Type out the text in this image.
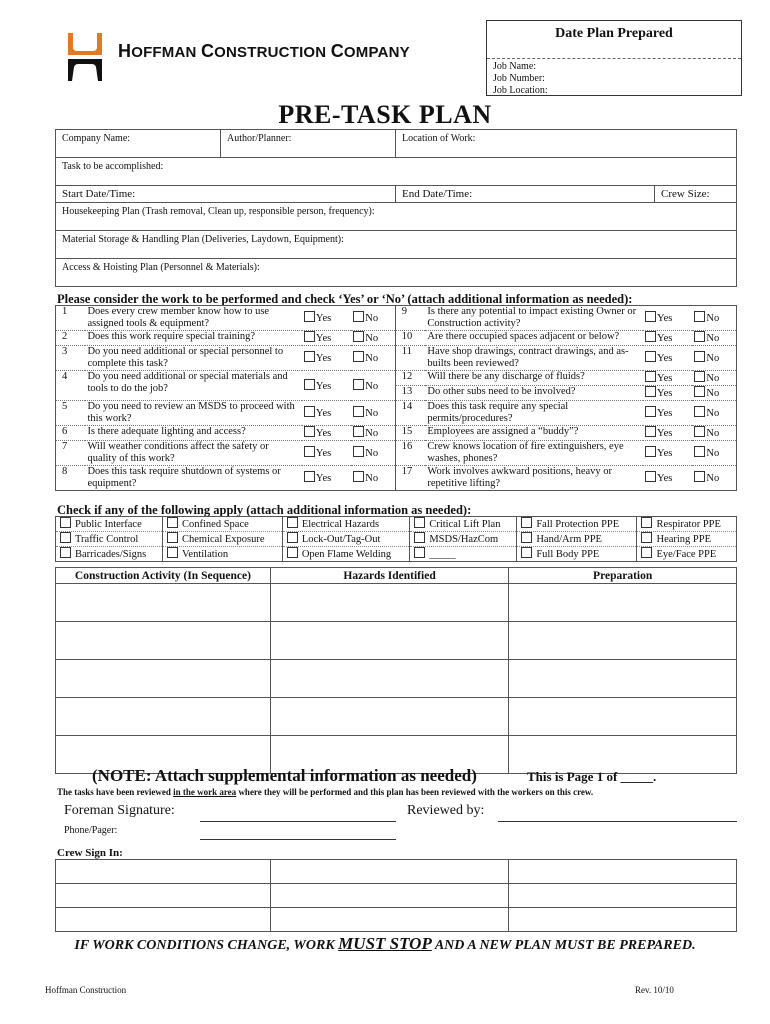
HOFFMAN CONSTRUCTION COMPANY
Date Plan Prepared
Job Name:
Job Number:
Job Location:
PRE-TASK PLAN
Company Name:	Author/Planner:	Location of Work:	
Task to be accomplished:			
Start Date/Time:		End Date/Time:	Crew Size:
Housekeeping Plan (Trash removal, Clean up, responsible person, frequency):			
Material Storage & Handling Plan (Deliveries, Laydown, Equipment):			
Access & Hoisting Plan (Personnel & Materials):			
Please consider the work to be performed and check ‘Yes’ or ‘No’ (attach additional information as needed):
1	Does every crew member know how to use assigned tools & equipment?	Yes	No	9	Is there any potential to impact existing Owner or Construction activity?	Yes	No
2	Does this work require special training?	Yes	No	10	Are there occupied spaces adjacent or below?	Yes	No
3	Do you need additional or special personnel to complete this task?	Yes	No	11	Have shop drawings, contract drawings, and as-builts been reviewed?	Yes	No
4	Do you need additional or special materials and tools to do the job?	Yes	No	12	Will there be any discharge of fluids?	Yes	No
				13	Do other subs need to be involved?	Yes	No
5	Do you need to review an MSDS to proceed with this work?	Yes	No	14	Does this task require any special permits/procedures?	Yes	No
6	Is there adequate lighting and access?	Yes	No	15	Employees are assigned a “buddy”?	Yes	No
7	Will weather conditions affect the safety or quality of this work?	Yes	No	16	Crew knows location of fire extinguishers, eye washes, phones?	Yes	No
8	Does this task require shutdown of systems or equipment?	Yes	No	17	Work involves awkward positions, heavy or repetitive lifting?	Yes	No
Check if any of the following apply (attach additional information as needed):
Public Interface	Confined Space	Electrical Hazards	Critical Lift Plan	Fall Protection PPE	Respirator PPE
Traffic Control	Chemical Exposure	Lock-Out/Tag-Out	MSDS/HazCom	Hand/Arm PPE	Hearing PPE
Barricades/Signs	Ventilation	Open Flame Welding	_____	Full Body PPE	Eye/Face PPE
Construction Activity (In Sequence)	Hazards Identified	Preparation

(NOTE: Attach supplemental information as needed)	This is Page 1 of _____.
The tasks have been reviewed in the work area where they will be performed and this plan has been reviewed with the workers on this crew.
Foreman Signature:	Reviewed by:
Phone/Pager:
Crew Sign In:

IF WORK CONDITIONS CHANGE, WORK MUST STOP AND A NEW PLAN MUST BE PREPARED.
Hoffman Construction	Rev. 10/10
